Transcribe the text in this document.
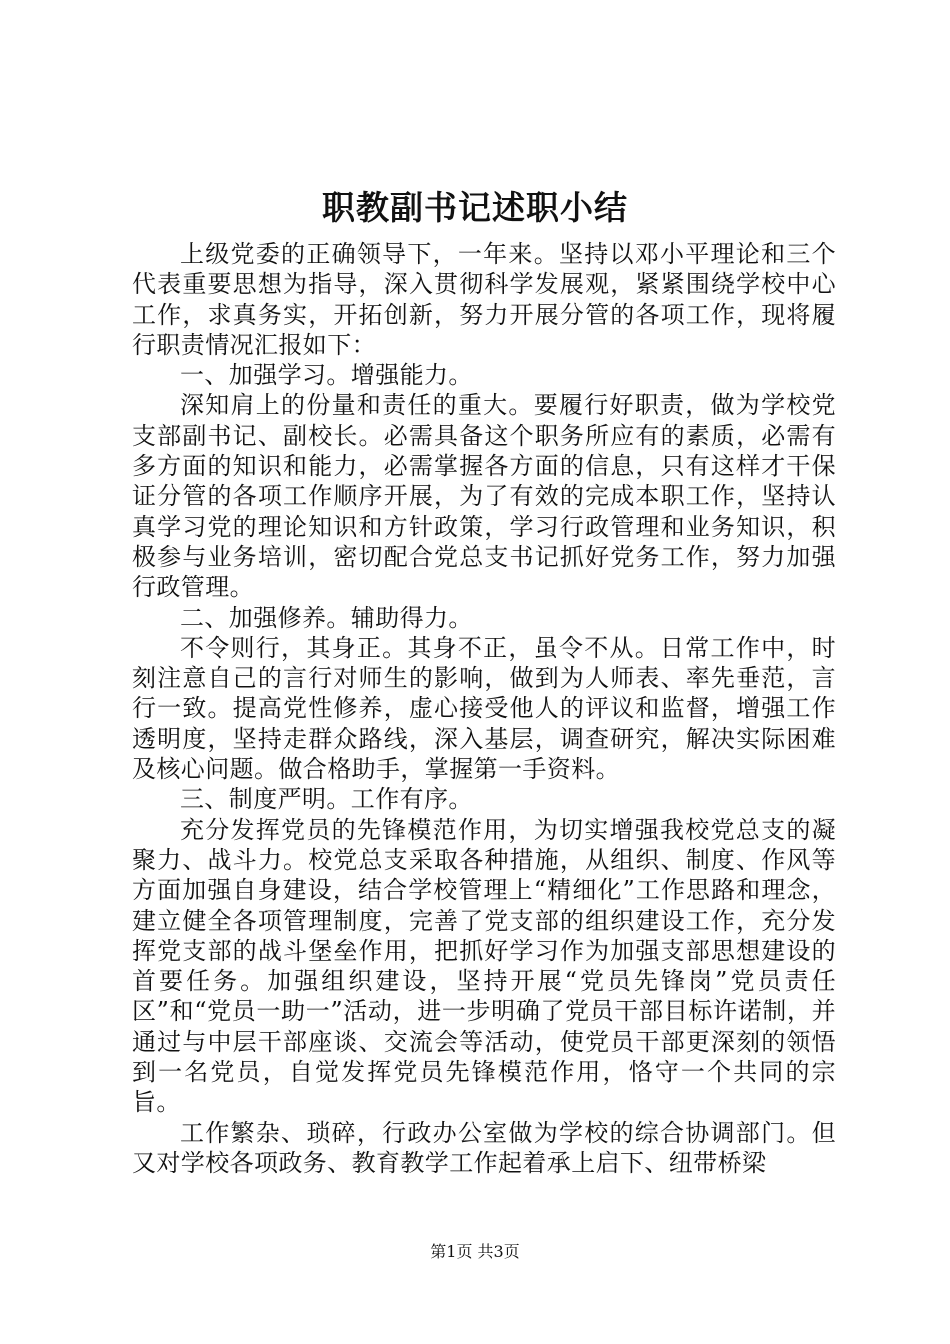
职教副书记述职小结

上级党委的正确领导下，一年来。坚持以邓小平理论和三个代表重要思想为指导，深入贯彻科学发展观，紧紧围绕学校中心工作，求真务实，开拓创新，努力开展分管的各项工作，现将履行职责情况汇报如下：

一、加强学习。增强能力。

深知肩上的份量和责任的重大。要履行好职责，做为学校党支部副书记、副校长。必需具备这个职务所应有的素质，必需有多方面的知识和能力，必需掌握各方面的信息，只有这样才干保证分管的各项工作顺序开展，为了有效的完成本职工作，坚持认真学习党的理论知识和方针政策，学习行政管理和业务知识，积极参与业务培训，密切配合党总支书记抓好党务工作，努力加强行政管理。

二、加强修养。辅助得力。

不令则行，其身正。其身不正，虽令不从。日常工作中，时刻注意自己的言行对师生的影响，做到为人师表、率先垂范，言行一致。提高党性修养，虚心接受他人的评议和监督，增强工作透明度，坚持走群众路线，深入基层，调查研究，解决实际困难及核心问题。做合格助手，掌握第一手资料。

三、制度严明。工作有序。

充分发挥党员的先锋模范作用，为切实增强我校党总支的凝聚力、战斗力。校党总支采取各种措施，从组织、制度、作风等方面加强自身建设，结合学校管理上“精细化”工作思路和理念，建立健全各项管理制度，完善了党支部的组织建设工作，充分发挥党支部的战斗堡垒作用，把抓好学习作为加强支部思想建设的首要任务。加强组织建设，坚持开展“党员先锋岗”党员责任区”和“党员一助一”活动，进一步明确了党员干部目标许诺制，并通过与中层干部座谈、交流会等活动，使党员干部更深刻的领悟到一名党员，自觉发挥党员先锋模范作用，恪守一个共同的宗旨。

工作繁杂、琐碎，行政办公室做为学校的综合协调部门。但又对学校各项政务、教育教学工作起着承上启下、纽带桥梁

第1页 共3页
